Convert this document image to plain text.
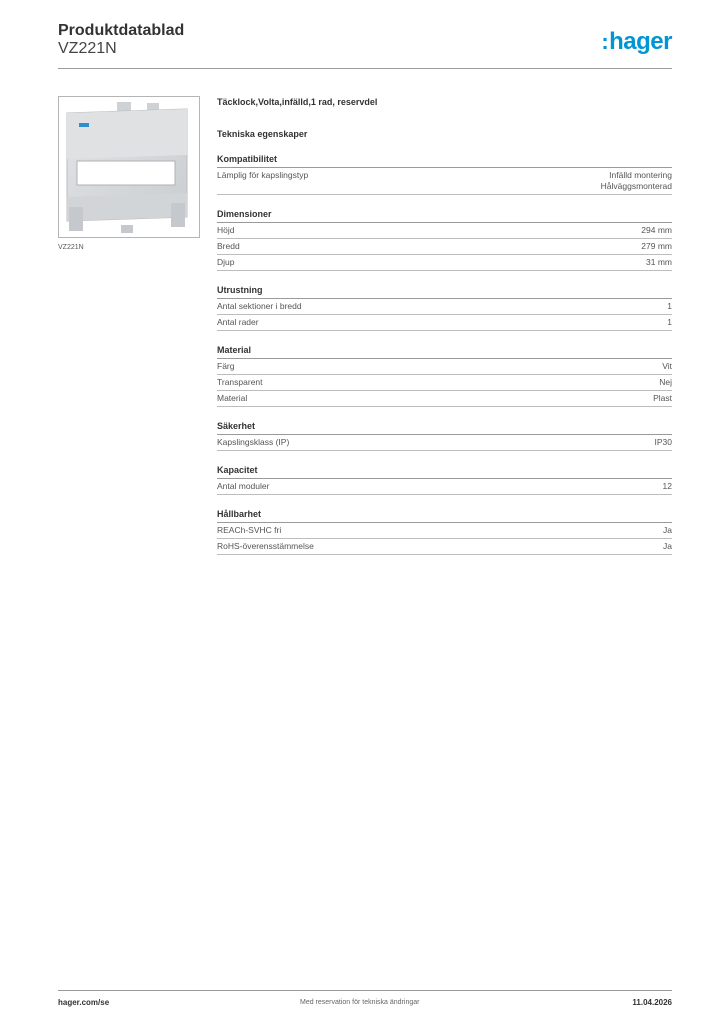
Produktdatablad
VZ221N	:hager
VZ221N

Täcklock,Volta,infälld,1 rad, reservdel

Tekniska egenskaper
Kompatibilitet
Lämplig för kapslingstyp	Infälld montering
Hålväggsmonterad
Dimensioner
Höjd	294 mm
Bredd	279 mm
Djup	31 mm
Utrustning
Antal sektioner i bredd	1
Antal rader	1
Material
Färg	Vit
Transparent	Nej
Material	Plast
Säkerhet
Kapslingsklass (IP)	IP30
Kapacitet
Antal moduler	12
Hållbarhet
REACh-SVHC fri	Ja
RoHS-överensstämmelse	Ja
hager.com/se	Med reservation för tekniska ändringar	11.04.2026
